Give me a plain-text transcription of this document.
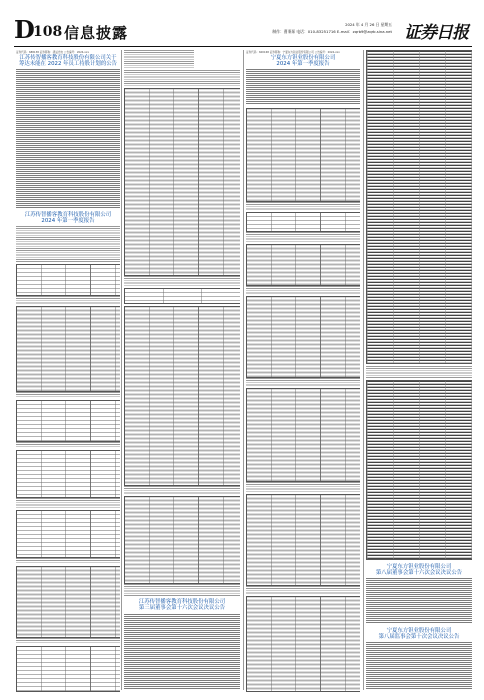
D
108 信息披露	2024 年 4 月 26 日 星期五
制作：曹秉琛 电话：010-83251716 E-mail：zqrb9@zqrb.sina.net 证券日报
证券代码：688138 证券简称：清溢光电 公告编号：2024-xxx
江苏传智播客教育科技股份有限公司关于
筹达未能在 2022 年员工持股计划的公告
江苏传智播客教育科技股份有限公司
2024 年第一季度报告
江苏传智播客教育科技股份有限公司
第三届董事会第十六次会议决议公告
证券代码：600168 证券简称：宁夏东方钽业股份有限公司 公告编号：2024-xxx
宁夏东方钽业股份有限公司
2024 年第一季度报告
宁夏东方钽业股份有限公司
第八届董事会第十六次会议决议公告
宁夏东方钽业股份有限公司
第八届监事会第十次会议决议公告
